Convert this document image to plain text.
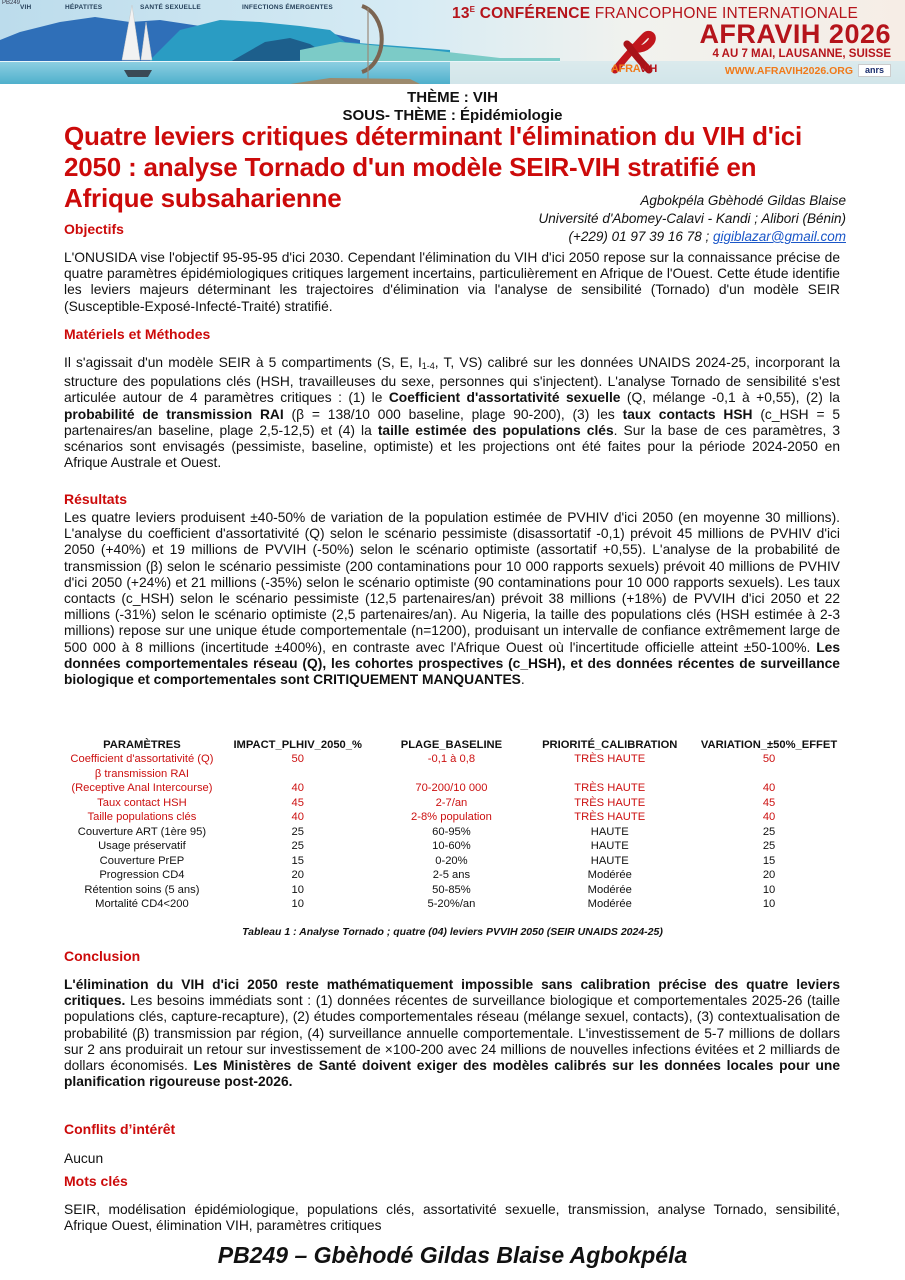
PB249
VIH	HÉPATITES	SANTÉ SEXUELLE	INFECTIONS ÉMERGENTES	$13^E$ CONFÉRENCE FRANCOPHONE INTERNATIONALE
AFRAVIH
AFRAVIH 2026
4 AU 7 MAI, LAUSANNE, SUISSE
WWW.AFRAVIH2026.ORG	anrs
THÈME : VIH
SOUS- THÈME : Épidémiologie
Quatre leviers critiques déterminant l'élimination du VIH d'ici 2050 : analyse Tornado d'un modèle SEIR-VIH stratifié en Afrique subsaharienne	Agbokpéla Gbèhodé Gildas Blaise
Université d'Abomey-Calavi - Kandi ; Alibori (Bénin)
(+229) 01 97 39 16 78 ; gigiblazar@gmail.com
Objectifs

L'ONUSIDA vise l'objectif 95-95-95 d'ici 2030. Cependant l'élimination du VIH d'ici 2050 repose sur la connaissance précise de quatre paramètres épidémiologiques critiques largement incertains, particulièrement en Afrique de l'Ouest. Cette étude identifie les leviers majeurs déterminant les trajectoires d'élimination via l'analyse de sensibilité (Tornado) d'un modèle SEIR (Susceptible-Exposé-Infecté-Traité) stratifié.

Matériels et Méthodes

Il s'agissait d'un modèle SEIR à 5 compartiments (S, E, $I_{1-4}$, T, VS) calibré sur les données UNAIDS 2024-25, incorporant la structure des populations clés (HSH, travailleuses du sexe, personnes qui s'injectent). L'analyse Tornado de sensibilité s'est articulée autour de 4 paramètres critiques : (1) le Coefficient d'assortativité sexuelle (Q, mélange -0,1 à +0,55), (2) la probabilité de transmission RAI (β = 138/10 000 baseline, plage 90-200), (3) les taux contacts HSH (c_HSH = 5 partenaires/an baseline, plage 2,5-12,5) et (4) la taille estimée des populations clés. Sur la base de ces paramètres, 3 scénarios sont envisagés (pessimiste, baseline, optimiste) et les projections ont été faites pour la période 2024-2050 en Afrique Australe et Ouest.

Résultats

Les quatre leviers produisent ±40-50% de variation de la population estimée de PVHIV d'ici 2050 (en moyenne 30 millions). L'analyse du coefficient d'assortativité (Q) selon le scénario pessimiste (disassortatif -0,1) prévoit 45 millions de PVHIV d'ici 2050 (+40%) et 19 millions de PVVIH (-50%) selon le scénario optimiste (assortatif +0,55). L'analyse de la probabilité de transmission (β) selon le scénario pessimiste (200 contaminations pour 10 000 rapports sexuels) prévoit 40 millions de PVHIV d'ici 2050 (+24%) et 21 millions (-35%) selon le scénario optimiste (90 contaminations pour 10 000 rapports sexuels). Les taux contacts (c_HSH) selon le scénario pessimiste (12,5 partenaires/an) prévoit 38 millions (+18%) de PVVIH d'ici 2050 et 22 millions (-31%) selon le scénario optimiste (2,5 partenaires/an). Au Nigeria, la taille des populations clés (HSH estimée à 2-3 millions) repose sur une unique étude comportementale (n=1200), produisant un intervalle de confiance extrêmement large de 500 000 à 8 millions (incertitude ±400%), en contraste avec l'Afrique Ouest où l'incertitude officielle atteint ±50-100%. Les données comportementales réseau (Q), les cohortes prospectives (c_HSH), et des données récentes de surveillance biologique et comportementales sont CRITIQUEMENT MANQUANTES.

PARAMÈTRES	IMPACT_PLHIV_2050_%	PLAGE_BASELINE	PRIORITÉ_CALIBRATION	VARIATION_±50%_EFFET
Coefficient d'assortativité (Q)	50	-0,1 à 0,8	TRÈS HAUTE	50
β transmission RAI				
(Receptive Anal Intercourse)	40	70-200/10 000	TRÈS HAUTE	40
Taux contact HSH	45	2-7/an	TRÈS HAUTE	45
Taille populations clés	40	2-8% population	TRÈS HAUTE	40
Couverture ART (1ère 95)	25	60-95%	HAUTE	25
Usage préservatif	25	10-60%	HAUTE	25
Couverture PrEP	15	0-20%	HAUTE	15
Progression CD4	20	2-5 ans	Modérée	20
Rétention soins (5 ans)	10	50-85%	Modérée	10
Mortalité CD4<200	10	5-20%/an	Modérée	10
Tableau 1 : Analyse Tornado ; quatre (04) leviers PVVIH 2050 (SEIR UNAIDS 2024-25)
Conclusion

L'élimination du VIH d'ici 2050 reste mathématiquement impossible sans calibration précise des quatre leviers critiques. Les besoins immédiats sont : (1) données récentes de surveillance biologique et comportementales 2025-26 (taille populations clés, capture-recapture), (2) études comportementales réseau (mélange sexuel, contacts), (3) contextualisation de probabilité (β) transmission par région, (4) surveillance annuelle comportementale. L'investissement de 5-7 millions de dollars sur 2 ans produirait un retour sur investissement de ×100-200 avec 24 millions de nouvelles infections évitées et 2 milliards de dollars économisés. Les Ministères de Santé doivent exiger des modèles calibrés sur les données locales pour une planification rigoureuse post-2026.

Conflits d’intérêt

Aucun

Mots clés

SEIR, modélisation épidémiologique, populations clés, assortativité sexuelle, transmission, analyse Tornado, sensibilité, Afrique Ouest, élimination VIH, paramètres critiques

PB249 – Gbèhodé Gildas Blaise Agbokpéla
